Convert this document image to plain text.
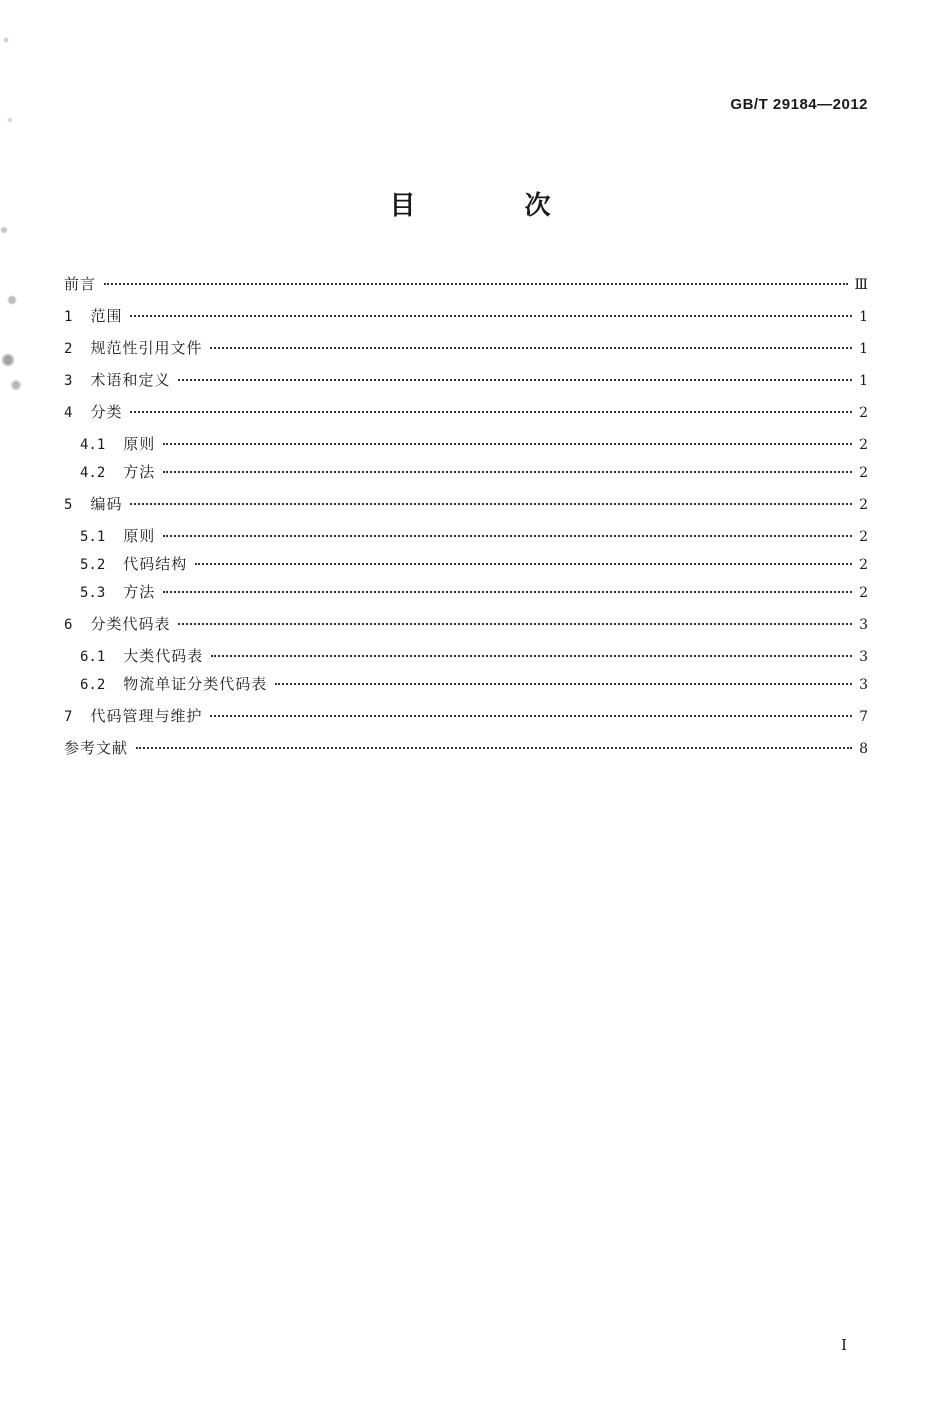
GB/T 29184—2012
目 次
前言	Ⅲ
1 范围	1
2 规范性引用文件	1
3 术语和定义	1
4 分类	2
4.1 原则	2
4.2 方法	2
5 编码	2
5.1 原则	2
5.2 代码结构	2
5.3 方法	2
6 分类代码表	3
6.1 大类代码表	3
6.2 物流单证分类代码表	3
7 代码管理与维护	7
参考文献	8
I
